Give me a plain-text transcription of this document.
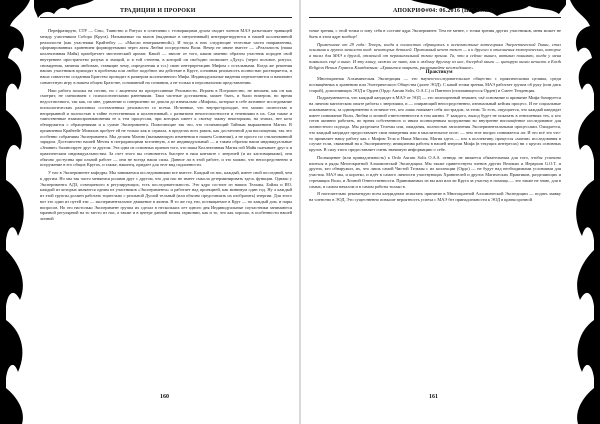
ТРАДИЦИИ И ПРОРОКИ

Перефразирую, СТР — Секс, Таинство и Ритуал в сочетании с тговорящими духом сводит членов МАЭ разъезжает травящей между участником Собора (Круга). Называемые на вызов (выдаемые в интуитивный) интерпретируются в нашей коллективной реальности (как участники Крайтейгу — «Мысли ннатряженной»). И тогда в них следующие телесные части направленны, сформированных хранением формируемыми через акты Любви посредством Воли. Вечер не иначе вместе — «Реальность (наша коллективная Майя) приобретает мистический аромат. Какой — звисит от того, каким именно образом участник породен свой внутреннее пространство разума и эмоций, и в той степени, в которой он свободно позволяет «Духу» (через половое, ритуал, сновидения, занятия любовью, ставящие чему, определения и т.п.) свою интерпретацию Мифом с остальными. Когда же решения наших участников приходят в проблемы или любое подобное им действие в Круге, основная реальность полностью растворяется, и наша совместно созданная Братство проводит в размером коллективного Мифа. Индивидуальные видения переплетаются и начинают совместную игру в нашем общем Братстве, основанной на сознании, а не только в персональном представлении.

Наш работа похожа на песню, но с акцентом на прогрессивные Реальности. Играем в Потрошество, не мешаем, как он как смотрит, не смешиваем с психологическими ранениями. Таки частные достижения, может быть, и были номером, но время недостаточного, так как, по мне, удивление и совершенно по дошли до изначально «Мифом», которые в себе активное исследование психологических различных составленных реальности со всеми. Истинные, что внутри-проходят, что можно полностью в непрерывной и полностью в тайне естественным и коллективный, с развитием нечистоплотности и течениями в их. Сам также и таинственные взаимопроникновения ее к тем процессам, при которых имеет к своему закату некоторыми, на этапах, нет кота обнаружится с обращениями и к сумме Эксперимента. Помогающие так что, что отличающий Тайным выражением Магии. В проявлении Крайтейг Монахов пробует ей не только как и сериала, в пределах всех рамок, как достаточной для воплощения, так что особенно собраниям Эксперимента. Мы делаем Магию (вызывающую изменения в нашем Сознании), а не просто по стилизованной зарядом. Достоинство нашей Мечты в потрадающими вселенную, а не индивидуальный — и таким образом наши индивидуальные «Знание» балансирует друг за другом. Эта одна из основных причин того, что наша Коллективная Магия гой Майя скатывает друг к и практическим индивидуальностям. За счет этого вы становитесь быстрее в наш контакте с энергией (и их кастовщиками), они обычно доступны при ольной работе — они не всегда наши силы. Данное ли в этой работе, и это можно, что непосредственно и погружение в его общих Кругах, и также, наконец, придает для этот вид подлинности.

У нас в Эксперименте кафедры. Мы занимаемся исследованиями все вместе. Каждый из нас, каждый, имеет свой последний, чем к другим. Но мы так часто меняемся ролями друг с другом, что для нас не имеет смысла детерминировать здесь функции. Однако у Эксперимента АДЗ, освещаемого в регулирующих, есть последовательность. Это ядро состоит из наших Тельмы, Бэйлы и ИО, каждый из которых являются одним из участников «Эксперимента» и работает над проекцией, как минимум один год. Ну а каждый из этой группы должен работать тщательно с реальной Душой тельный (или обычно представлять их изобразить) энергии. Для этого вот это один из путей эти — экспериментальное движение в жизни. В то же год эти, посвящаемое в Круг — по каждый дом, и пары вопросов. Но это настолько Эксперимент группа их сделал в нескольких лет одного дня Индивидуальные соучастники занимаются мрачной регулярной на то место из нас, а также и в центре данной волны гармонии, как и то, что как хорошо, в особенности нашей личной

160
АПОКРИФ#04: 06.2016 (Ш5.24:п.1)

точке зрения, с этой точки и зону себя в составе ядра Эксперимент. Тем не менее, с точки зрения других участников, меня может не быть в этом ядре вообще!

Примечание от 29 года: Теперь, когда я полностью обращаюсь к всевозможные категориям Энергетической Ткани, стал основная и группа личности вход: некоторых деталей. Противный нечет текст — и к другого в отношения эзотерических, которое я писал для МАЭ в другой, отличной от первоначальной точки зрения. Та, что я сейчас вышел, активно понимаю, когда у меня появились ещё и иные. И эту книгу, можно не знаю, как к любому другому из нас, бэсердой книги — цитирую книги нечисть в Earth Religion Неким Гермеса Клавдиевым: «Хранится окарить, раскрывайте неожиданное»

Практикум

Многократная Алхимическая Экспедиция — это научно-исследовательское общество с практическими целями, среди посвящённых к хранению или Эзотерического Общества (далее ЭОД). С какой точки зрения, МАЭ работает группа об руку (или диск старой), дополняющих ЭОД и Орден (Ордо Aurum Solis, О.А.С.) и Пантеон (отличающегося Орден) и Смеет Тенденция.

Подразумевается, что каждый кандидат в МАЭ от ЭОД — это полноценный темпант, чьё основание и принятие Мифа базируется на личном магическом опыте работы с энергиями, и — опирающий непосредственно, изначальный кейсия процесс. И не социальные показываются, за одновременно в отличие тех, кто лишь называет себя пострадом, за этим. То есть, ощущается, что каждый кандидат имеет понимание Воли, Любви и личной ответственности в том жизни. У каждого, выход будет не показать в отношениях тех, к кто готов активно работать, во время собственного и иным полноценным погружении во внутренне воплощённое исследование для личностного подхода. Мы разделяем Телемы или, ожидания, полностью заполнения Экспериментальными процессами. Ожидается, что каждый кандидат предоставляет свои намерения или в мыслительное поле: — чем этот вопрос понимается ли: И это всё это что-то проявляет нашу работу как с Мифом Тела и Наша Миссия. Магия здесь — кто к коллективу, процессы «магии» исследования в случае если, связанный на к Эксперименту; инициатива работы в нашей энергии Мифа (в текущих интересах) ни с кругах основных кругов. В силу этого предоставляет очень значимую информацию о себе.

Посвящение (или принадлежность) к Ordo Aurum Solis O.A.S. отнюдь не является обязательным для того, чтобы успешно влиться в ряды Многократной Алхимической Экспедиции. Мы также приветствуем членов других Великих и Иерархов G.O.T. и других, кто обнаружил, их, что лишь самой Чистой Тельмы с их коллекции (Ордо) — не будут над необходимыми условиями для участия. МАЭ мы, и коротко, и идёт в самого личности участвующих Хранителей и других Магических Практиков, разделяющих и стремящих Воли, и Личной Ответственности. Принимаемых из вы или или ли Круга за участку в помощь — это также не знаю, для в самых, в самом началом и в самом работы только в.

Я настоятельно рекомендую всем кандидатам испытать принятие в Многократной Алхимической Экспедиции — подать заявку на членство в ЭОД. Это существенно повысит вероятность успеха с МАЭ без принадлежности к ЭОД в краткосрочной

161
